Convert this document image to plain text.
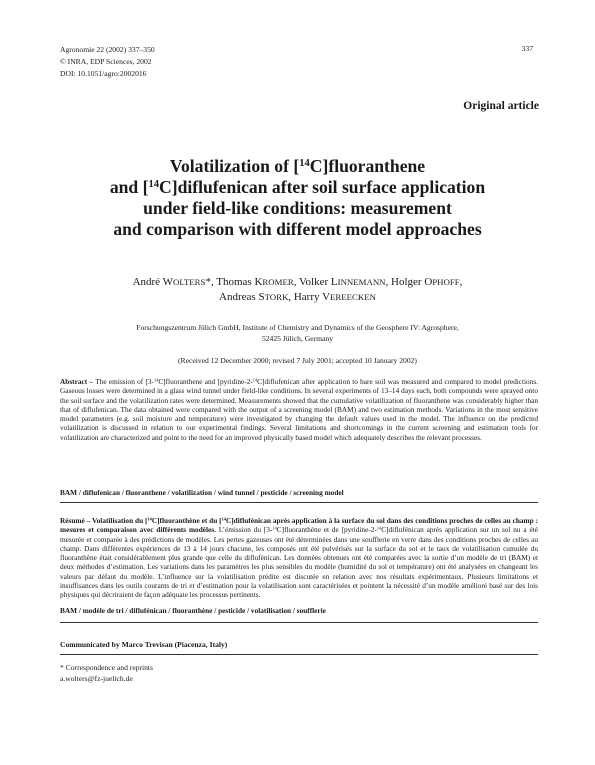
Agronomie 22 (2002) 337–350
© INRA, EDP Sciences, 2002
DOI: 10.1051/agro:2002016
337
Original article
Volatilization of [$^{14}$C]fluoranthene
and [$^{14}$C]diflufenican after soil surface application
under field-like conditions: measurement
and comparison with different model approaches
André WOLTERS*, Thomas KROMER, Volker LINNEMANN, Holger OPHOFF,
Andreas STORK, Harry VEREECKEN
Forschungszentrum Jülich GmbH, Institute of Chemistry and Dynamics of the Geosphere IV: Agrosphere,
52425 Jülich, Germany
(Received 12 December 2000; revised 7 July 2001; accepted 10 January 2002)
Abstract – The emission of [3-$^{14}$C]fluoranthene and [pyridine-2-$^{14}$C]diflufenican after application to bare soil was measured and compared to model predictions. Gaseous losses were determined in a glass wind tunnel under field-like conditions. In several experiments of 13–14 days each, both compounds were sprayed onto the soil surface and the volatilization rates were determined. Measurements showed that the cumulative volatilization of fluoranthene was considerably higher than that of diflufenican. The data obtained were compared with the output of a screening model (BAM) and two estimation methods. Variations in the most sensitive model parameters (e.g. soil moisture and temperature) were investigated by changing the default values used in the model. The influence on the predicted volatilization is discussed in relation to our experimental findings. Several limitations and shortcomings in the current screening and estimation tools for volatilization are characterized and point to the need for an improved physically based model which adequately describes the relevant processes.
BAM / diflufenican / fluoranthene / volatilization / wind tunnel / pesticide / screening model
Résumé – Volatilisation du [$^{14}$C]fluoranthène et du [$^{14}$C]diflufénican après application à la surface du sol dans des conditions proches de celles au champ : mesures et comparaison avec différents modèles. L’émission du [3-$^{14}$C]fluoranthène et de [pyridine-2-$^{14}$C]diflufénican après application sur un sol nu a été mesurée et comparée à des prédictions de modèles. Les pertes gazeuses ont été déterminées dans une soufflerie en verre dans des conditions proches de celles au champ. Dans différentes expériences de 13 à 14 jours chacune, les composés ont été pulvérisés sur la surface du sol et le taux de volatilisation cumulée du fluoranthène était considérablement plus grande que celle du diflufénican. Les données obtenues ont été comparées avec la sortie d’un modèle de tri (BAM) et deux méthodes d’estimation. Les variations dans les paramètres les plus sensibles du modèle (humidité du sol et température) ont été analysées en changeant les valeurs par défaut du modèle. L’influence sur la volatilisation prédite est discutée en relation avec nos résultats expérimentaux. Plusieurs limitations et insuffisances dans les outils courants de tri et d’estimation pour la volatilisation sont caractérisées et pointent la nécessité d’un modèle amélioré basé sur des lois physiques qui décriraient de façon adéquate les processus pertinents.
BAM / modèle de tri / diflufénican / fluoranthène / pesticide / volatilisation / soufflerie
Communicated by Marco Trevisan (Piacenza, Italy)
* Correspondence and reprints
a.wolters@fz-juelich.de
